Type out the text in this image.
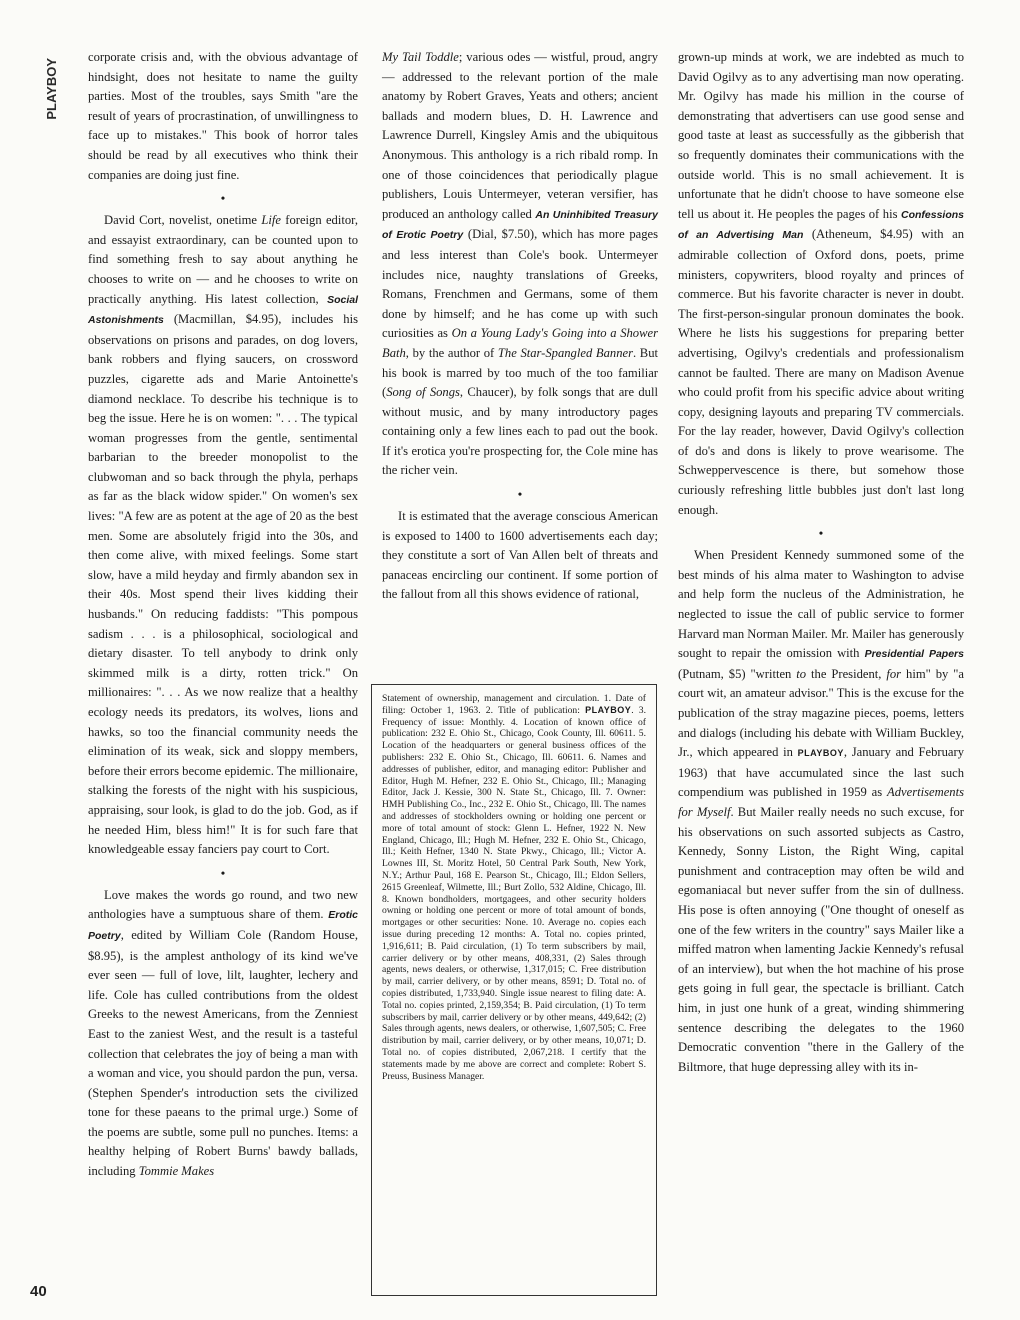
PLAYBOY
40

corporate crisis and, with the obvious advantage of hindsight, does not hesitate to name the guilty parties. Most of the troubles, says Smith "are the result of years of procrastination, of unwillingness to face up to mistakes." This book of horror tales should be read by all executives who think their companies are doing just fine.

•

David Cort, novelist, onetime Life foreign editor, and essayist extraordinary, can be counted upon to find something fresh to say about anything he chooses to write on — and he chooses to write on practically anything. His latest collection, Social Astonishments (Macmillan, $4.95), includes his observations on prisons and parades, on dog lovers, bank robbers and flying saucers, on crossword puzzles, cigarette ads and Marie Antoinette's diamond necklace. To describe his technique is to beg the issue. Here he is on women: ". . . The typical woman progresses from the gentle, sentimental barbarian to the breeder monopolist to the clubwoman and so back through the phyla, perhaps as far as the black widow spider." On women's sex lives: "A few are as potent at the age of 20 as the best men. Some are absolutely frigid into the 30s, and then come alive, with mixed feelings. Some start slow, have a mild heyday and firmly abandon sex in their 40s. Most spend their lives kidding their husbands." On reducing faddists: "This pompous sadism . . . is a philosophical, sociological and dietary disaster. To tell anybody to drink only skimmed milk is a dirty, rotten trick." On millionaires: ". . . As we now realize that a healthy ecology needs its predators, its wolves, lions and hawks, so too the financial community needs the elimination of its weak, sick and sloppy members, before their errors become epidemic. The millionaire, stalking the forests of the night with his suspicious, appraising, sour look, is glad to do the job. God, as if he needed Him, bless him!" It is for such fare that knowledgeable essay fanciers pay court to Cort.

•

Love makes the words go round, and two new anthologies have a sumptuous share of them. Erotic Poetry, edited by William Cole (Random House, $8.95), is the amplest anthology of its kind we've ever seen — full of love, lilt, laughter, lechery and life. Cole has culled contributions from the oldest Greeks to the newest Americans, from the Zenniest East to the zaniest West, and the result is a tasteful collection that celebrates the joy of being a man with a woman and vice, you should pardon the pun, versa. (Stephen Spender's introduction sets the civilized tone for these paeans to the primal urge.) Some of the poems are subtle, some pull no punches. Items: a healthy helping of Robert Burns' bawdy ballads, including Tommie Makes

My Tail Toddle; various odes — wistful, proud, angry — addressed to the relevant portion of the male anatomy by Robert Graves, Yeats and others; ancient ballads and modern blues, D. H. Lawrence and Lawrence Durrell, Kingsley Amis and the ubiquitous Anonymous. This anthology is a rich ribald romp. In one of those coincidences that periodically plague publishers, Louis Untermeyer, veteran versifier, has produced an anthology called An Uninhibited Treasury of Erotic Poetry (Dial, $7.50), which has more pages and less interest than Cole's book. Untermeyer includes nice, naughty translations of Greeks, Romans, Frenchmen and Germans, some of them done by himself; and he has come up with such curiosities as On a Young Lady's Going into a Shower Bath, by the author of The Star-Spangled Banner. But his book is marred by too much of the too familiar (Song of Songs, Chaucer), by folk songs that are dull without music, and by many introductory pages containing only a few lines each to pad out the book. If it's erotica you're prospecting for, the Cole mine has the richer vein.

•

It is estimated that the average conscious American is exposed to 1400 to 1600 advertisements each day; they constitute a sort of Van Allen belt of threats and panaceas encircling our continent. If some portion of the fallout from all this shows evidence of rational,

Statement of ownership, management and circulation. 1. Date of filing: October 1, 1963. 2. Title of publication: PLAYBOY. 3. Frequency of issue: Monthly. 4. Location of known office of publication: 232 E. Ohio St., Chicago, Cook County, Ill. 60611. 5. Location of the headquarters or general business offices of the publishers: 232 E. Ohio St., Chicago, Ill. 60611. 6. Names and addresses of publisher, editor, and managing editor: Publisher and Editor, Hugh M. Hefner, 232 E. Ohio St., Chicago, Ill.; Managing Editor, Jack J. Kessie, 300 N. State St., Chicago, Ill. 7. Owner: HMH Publishing Co., Inc., 232 E. Ohio St., Chicago, Ill. The names and addresses of stockholders owning or holding one percent or more of total amount of stock: Glenn L. Hefner, 1922 N. New England, Chicago, Ill.; Hugh M. Hefner, 232 E. Ohio St., Chicago, Ill.; Keith Hefner, 1340 N. State Pkwy., Chicago, Ill.; Victor A. Lownes III, St. Moritz Hotel, 50 Central Park South, New York, N.Y.; Arthur Paul, 168 E. Pearson St., Chicago, Ill.; Eldon Sellers, 2615 Greenleaf, Wilmette, Ill.; Burt Zollo, 532 Aldine, Chicago, Ill. 8. Known bondholders, mortgagees, and other security holders owning or holding one percent or more of total amount of bonds, mortgages or other securities: None. 10. Average no. copies each issue during preceding 12 months: A. Total no. copies printed, 1,916,611; B. Paid circulation, (1) To term subscribers by mail, carrier delivery or by other means, 408,331, (2) Sales through agents, news dealers, or otherwise, 1,317,015; C. Free distribution by mail, carrier delivery, or by other means, 8591; D. Total no. of copies distributed, 1,733,940. Single issue nearest to filing date: A. Total no. copies printed, 2,159,354; B. Paid circulation, (1) To term subscribers by mail, carrier delivery or by other means, 449,642; (2) Sales through agents, news dealers, or otherwise, 1,607,505; C. Free distribution by mail, carrier delivery, or by other means, 10,071; D. Total no. of copies distributed, 2,067,218. I certify that the statements made by me above are correct and complete: Robert S. Preuss, Business Manager.

grown-up minds at work, we are indebted as much to David Ogilvy as to any advertising man now operating. Mr. Ogilvy has made his million in the course of demonstrating that advertisers can use good sense and good taste at least as successfully as the gibberish that so frequently dominates their communications with the outside world. This is no small achievement. It is unfortunate that he didn't choose to have someone else tell us about it. He peoples the pages of his Confessions of an Advertising Man (Atheneum, $4.95) with an admirable collection of Oxford dons, poets, prime ministers, copywriters, blood royalty and princes of commerce. But his favorite character is never in doubt. The first-person-singular pronoun dominates the book. Where he lists his suggestions for preparing better advertising, Ogilvy's credentials and professionalism cannot be faulted. There are many on Madison Avenue who could profit from his specific advice about writing copy, designing layouts and preparing TV commercials. For the lay reader, however, David Ogilvy's collection of do's and dons is likely to prove wearisome. The Schweppervescence is there, but somehow those curiously refreshing little bubbles just don't last long enough.

•

When President Kennedy summoned some of the best minds of his alma mater to Washington to advise and help form the nucleus of the Administration, he neglected to issue the call of public service to former Harvard man Norman Mailer. Mr. Mailer has generously sought to repair the omission with Presidential Papers (Putnam, $5) "written to the President, for him" by "a court wit, an amateur advisor." This is the excuse for the publication of the stray magazine pieces, poems, letters and dialogs (including his debate with William Buckley, Jr., which appeared in PLAYBOY, January and February 1963) that have accumulated since the last such compendium was published in 1959 as Advertisements for Myself. But Mailer really needs no such excuse, for his observations on such assorted subjects as Castro, Kennedy, Sonny Liston, the Right Wing, capital punishment and contraception may often be wild and egomaniacal but never suffer from the sin of dullness. His pose is often annoying ("One thought of oneself as one of the few writers in the country" says Mailer like a miffed matron when lamenting Jackie Kennedy's refusal of an interview), but when the hot machine of his prose gets going in full gear, the spectacle is brilliant. Catch him, in just one hunk of a great, winding shimmering sentence describing the delegates to the 1960 Democratic convention "there in the Gallery of the Biltmore, that huge depressing alley with its in-
